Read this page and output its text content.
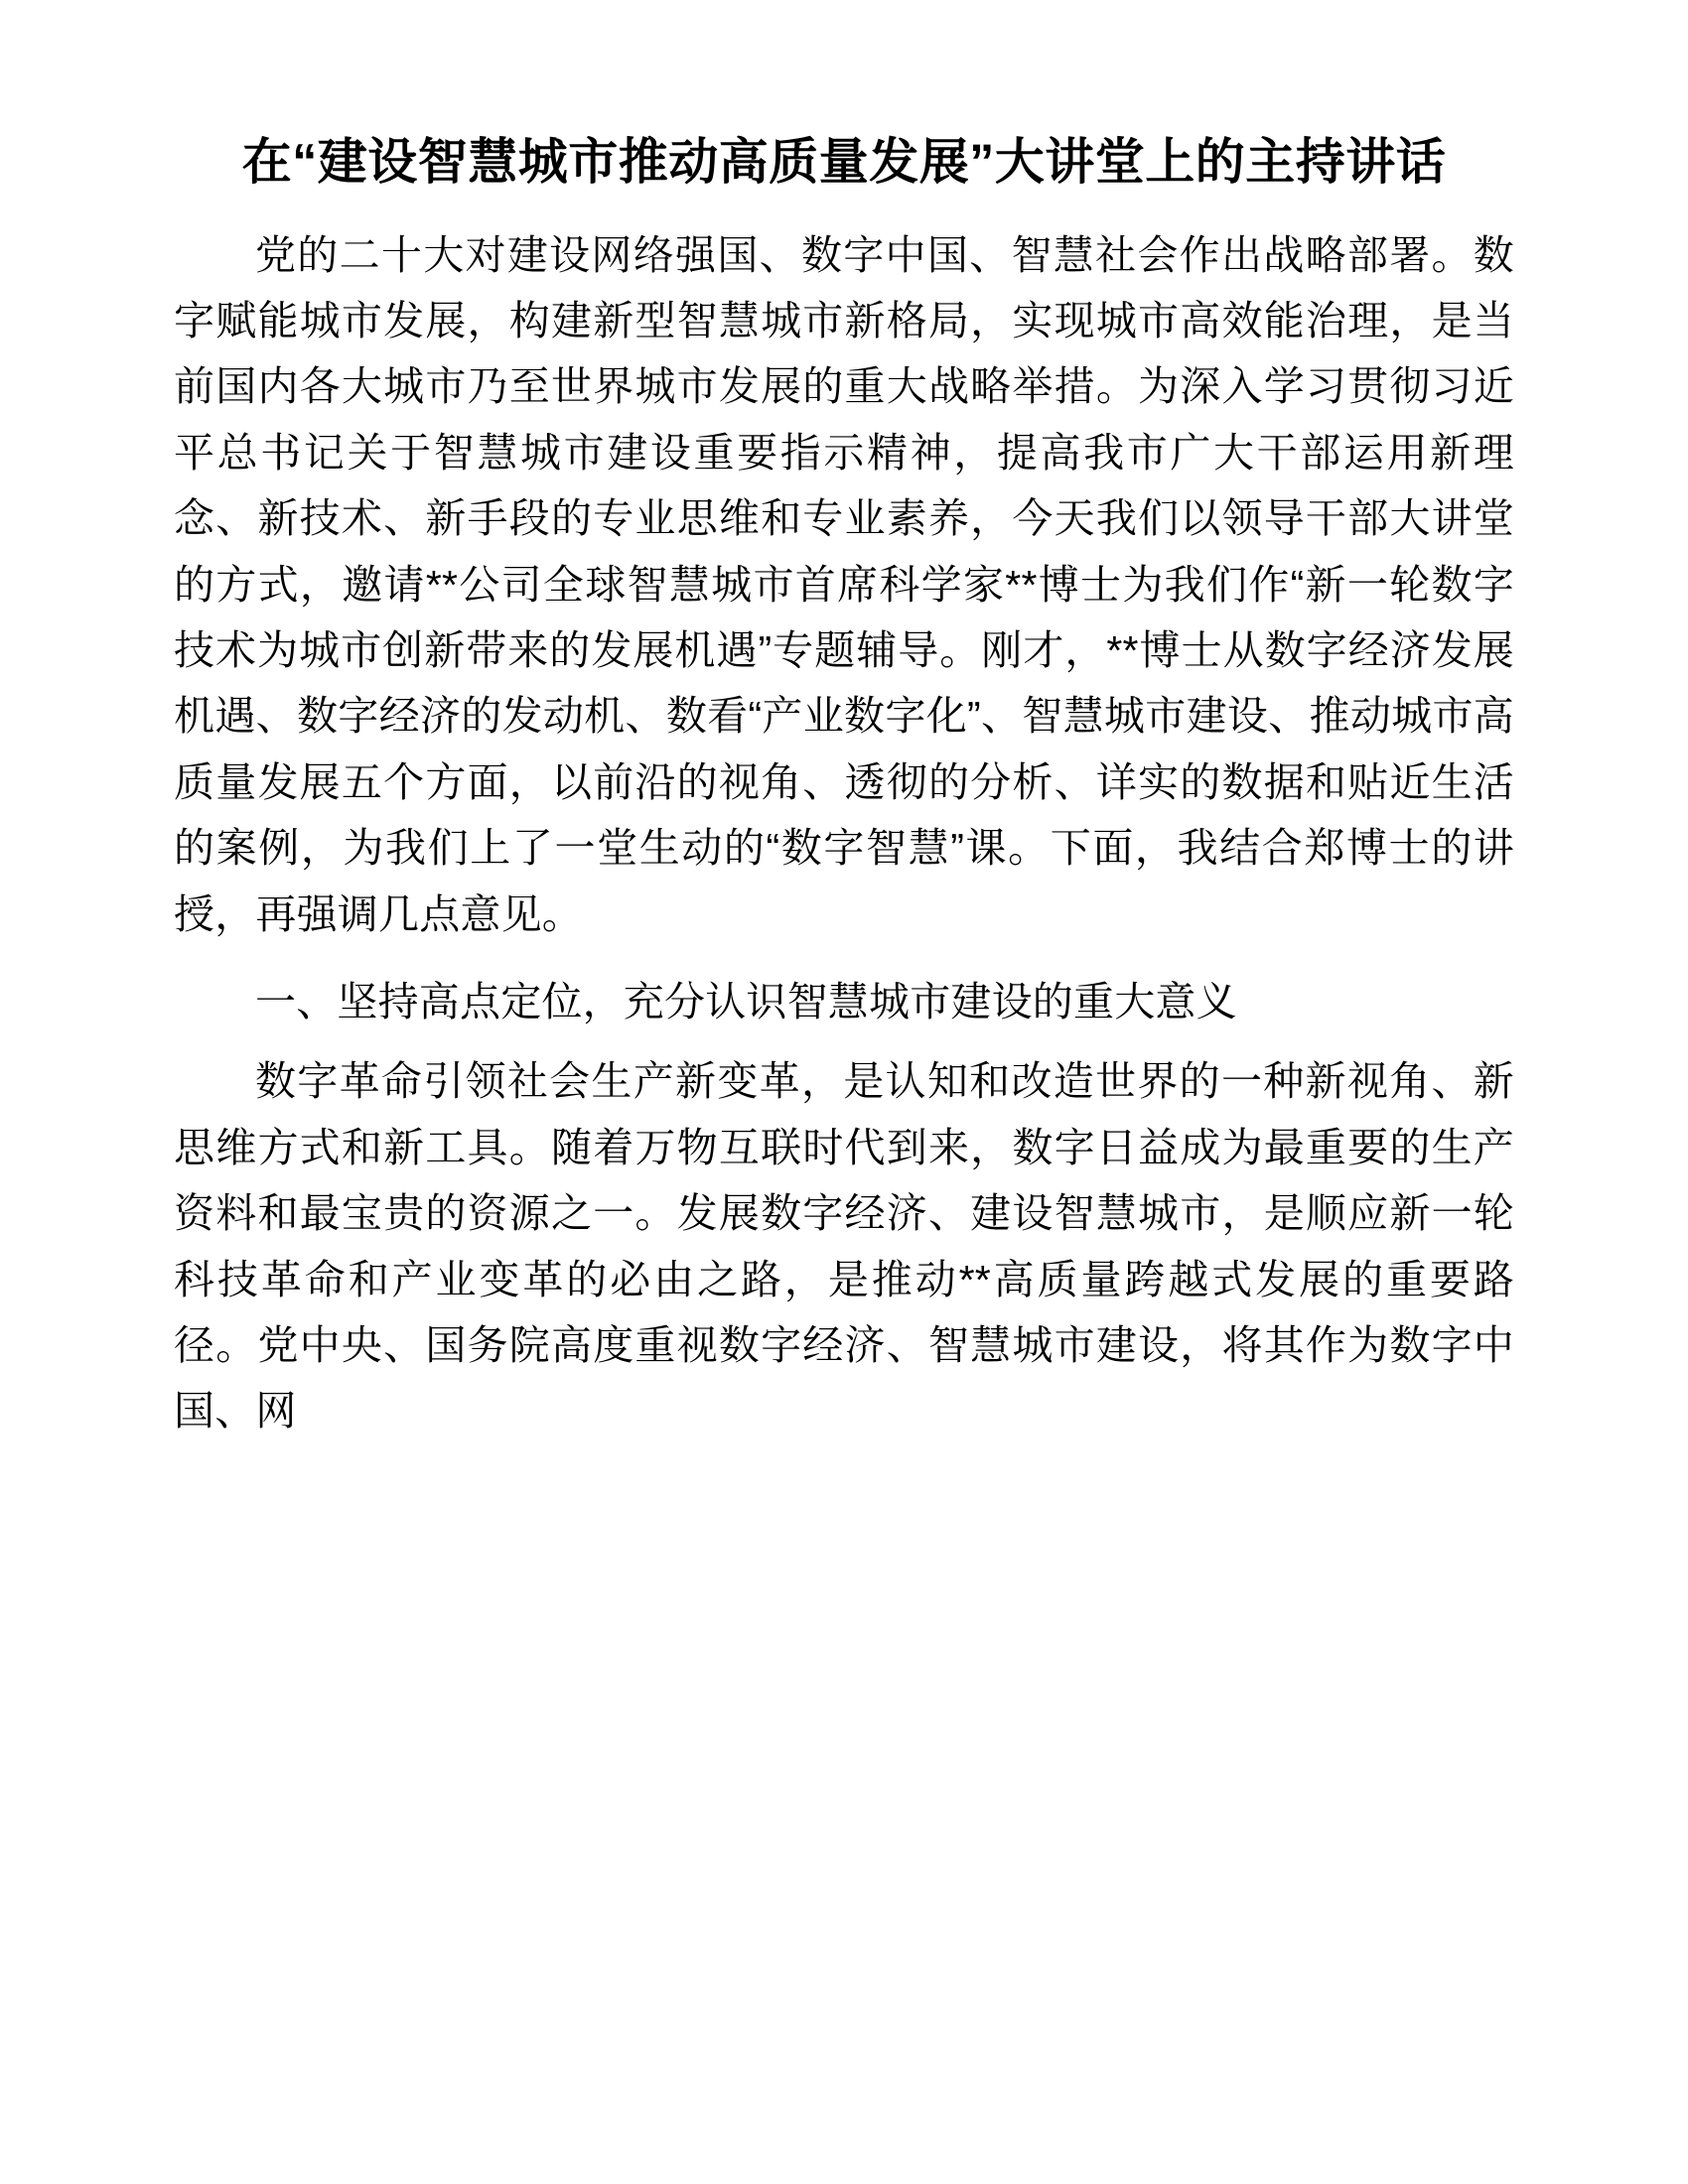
在“建设智慧城市推动高质量发展”大讲堂上的主持讲话

党的二十大对建设网络强国、数字中国、智慧社会作出战略部署。数字赋能城市发展，构建新型智慧城市新格局，实现城市高效能治理，是当前国内各大城市乃至世界城市发展的重大战略举措。为深入学习贯彻习近平总书记关于智慧城市建设重要指示精神，提高我市广大干部运用新理念、新技术、新手段的专业思维和专业素养，今天我们以领导干部大讲堂的方式，邀请**公司全球智慧城市首席科学家**博士为我们作“新一轮数字技术为城市创新带来的发展机遇”专题辅导。刚才，**博士从数字经济发展机遇、数字经济的发动机、数看“产业数字化”、智慧城市建设、推动城市高质量发展五个方面，以前沿的视角、透彻的分析、详实的数据和贴近生活的案例，为我们上了一堂生动的“数字智慧”课。下面，我结合郑博士的讲授，再强调几点意见。

一、坚持高点定位，充分认识智慧城市建设的重大意义

数字革命引领社会生产新变革，是认知和改造世界的一种新视角、新思维方式和新工具。随着万物互联时代到来，数字日益成为最重要的生产资料和最宝贵的资源之一。发展数字经济、建设智慧城市，是顺应新一轮科技革命和产业变革的必由之路，是推动**高质量跨越式发展的重要路径。党中央、国务院高度重视数字经济、智慧城市建设，将其作为数字中国、网
